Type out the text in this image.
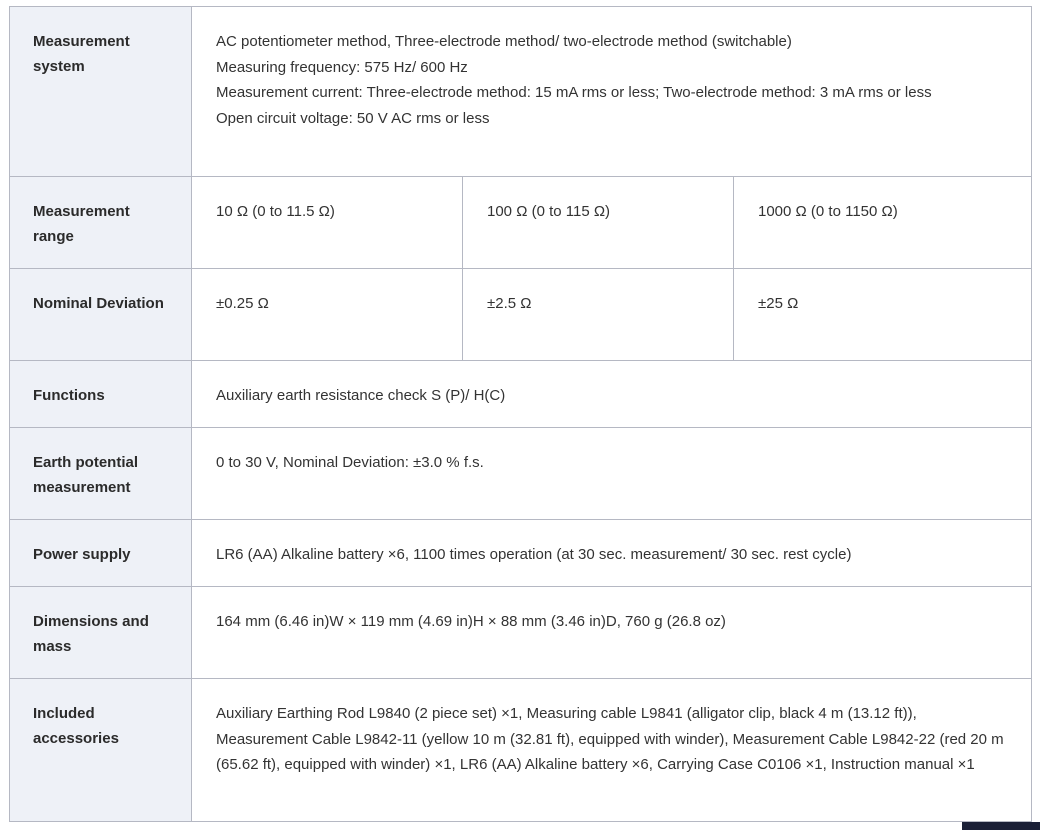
Measurement system	AC potentiometer method, Three-electrode method/ two-electrode method (switchable)
Measuring frequency: 575 Hz/ 600 Hz
Measurement current: Three-electrode method: 15 mA rms or less; Two-electrode method: 3 mA rms or less
Open circuit voltage: 50 V AC rms or less		

Measurement range	10 Ω (0 to 11.5 Ω)	100 Ω (0 to 115 Ω)	1000 Ω (0 to 1150 Ω)
Nominal Deviation	±0.25 Ω	±2.5 Ω	±25 Ω
Functions	Auxiliary earth resistance check S (P)/ H(C)		
Earth potential measurement	0 to 30 V, Nominal Deviation: ±3.0 % f.s.		
Power supply	LR6 (AA) Alkaline battery ×6, 1100 times operation (at 30 sec. measurement/ 30 sec. rest cycle)		
Dimensions and mass	164 mm (6.46 in)W × 119 mm (4.69 in)H × 88 mm (3.46 in)D, 760 g (26.8 oz)		
Included accessories	Auxiliary Earthing Rod L9840 (2 piece set) ×1, Measuring cable L9841 (alligator clip, black 4 m (13.12 ft)), Measurement Cable L9842-11 (yellow 10 m (32.81 ft), equipped with winder), Measurement Cable L9842-22 (red 20 m (65.62 ft), equipped with winder) ×1, LR6 (AA) Alkaline battery ×6, Carrying Case C0106 ×1, Instruction manual ×1		
